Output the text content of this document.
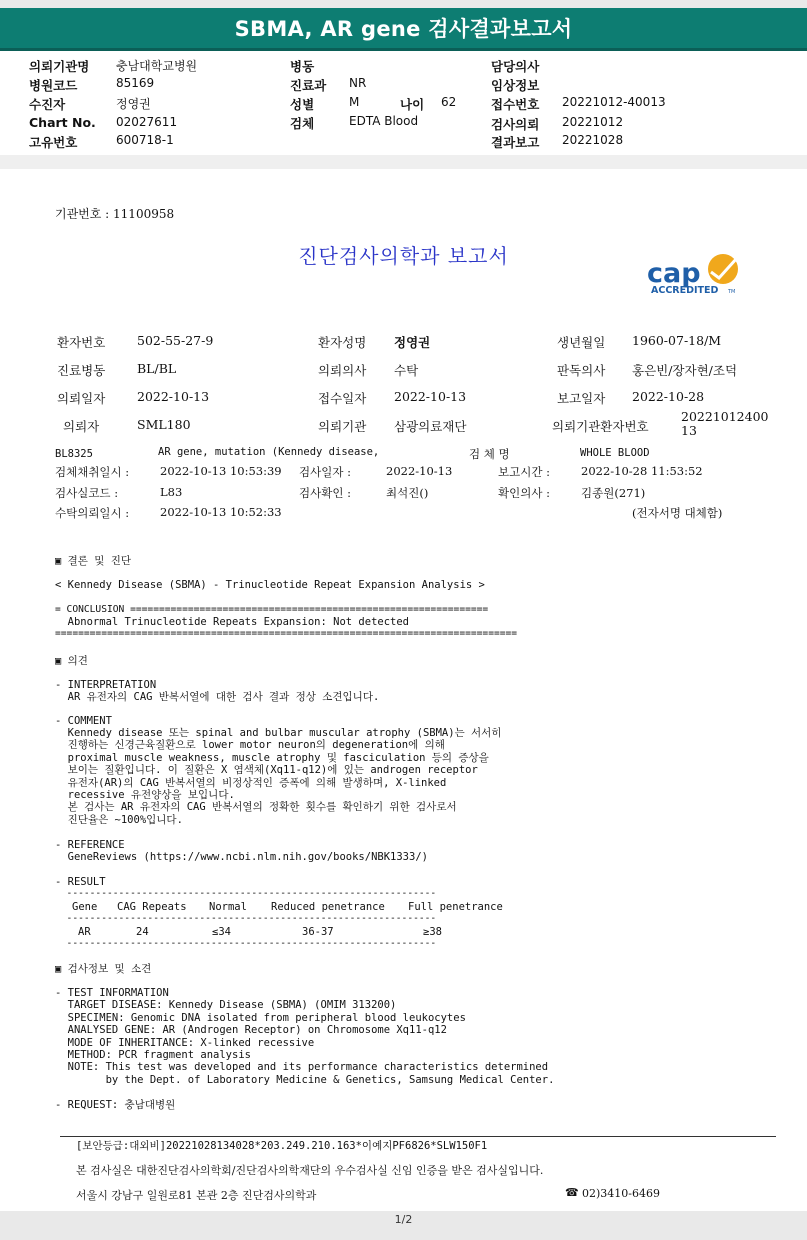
SBMA, AR gene 검사결과보고서
의뢰기관명 충남대학교병원
병원코드	85169
수진자	정영권
Chart No. 02027611
고유번호	600718-1
병동
진료과 NR
성별	M	나이 62
검체	EDTA Blood
담당의사
임상정보
접수번호 20221012-40013
검사의뢰 20221012
결과보고 20221028
기관번호 : 11100958
진단검사의학과 보고서
cap
ACCREDITED TM
환자번호	502-55-27-9	환자성명 정영권	생년월일 1960-07-18/M
진료병동	BL/BL	의뢰의사 수탁	판독의사 홍은빈/장자현/조덕
의뢰일자	2022-10-13	접수일자 2022-10-13	보고일자 2022-10-28
의뢰자	SML180	의뢰기관 삼광의료재단	의뢰기관환자번호
2022101240013
BL8325	AR gene, mutation (Kennedy disease,	검 체 명	WHOLE BLOOD
검체채취일시 :	2022-10-13 10:53:39 검사일자 :	2022-10-13	보고시간 :	2022-10-28 11:53:52
검사실코드 :	L83	검사확인 :	최석진()	확인의사 :	김종원(271)
수탁의뢰일시 :	2022-10-13 10:52:33	(전자서명 대체함)
▣ 결론 및 진단
< Kennedy Disease (SBMA) - Trinucleotide Repeat Expansion Analysis >
= CONCLUSION ==============================================================
Abnormal Trinucleotide Repeats Expansion: Not detected
================================================================================
▣ 의견
- INTERPRETATION
AR 유전자의 CAG 반복서열에 대한 검사 결과 정상 소견입니다.
- COMMENT
Kennedy disease 또는 spinal and bulbar muscular atrophy (SBMA)는 서서히
진행하는 신경근육질환으로 lower motor neuron의 degeneration에 의해
proximal muscle weakness, muscle atrophy 및 fasciculation 등의 증상을
보이는 질환입니다. 이 질환은 X 염색체(Xq11-q12)에 있는 androgen receptor
유전자(AR)의 CAG 반복서열의 비정상적인 증폭에 의해 발생하며, X-linked
recessive 유전양상을 보입니다.
본 검사는 AR 유전자의 CAG 반복서열의 정확한 횟수를 확인하기 위한 검사로서
진단율은 ~100%입니다.
- REFERENCE
GeneReviews (https://www.ncbi.nlm.nih.gov/books/NBK1333/)
- RESULT
----------------------------------------------------------------
Gene CAG Repeats Normal Reduced penetrance Full penetrance
----------------------------------------------------------------
AR	24	≤34	36-37	≥38
----------------------------------------------------------------
▣ 검사정보 및 소견
- TEST INFORMATION
TARGET DISEASE: Kennedy Disease (SBMA) (OMIM 313200)
SPECIMEN: Genomic DNA isolated from peripheral blood leukocytes
ANALYSED GENE: AR (Androgen Receptor) on Chromosome Xq11-q12
MODE OF INHERITANCE: X-linked recessive
METHOD: PCR fragment analysis
NOTE: This test was developed and its performance characteristics determined
by the Dept. of Laboratory Medicine & Genetics, Samsung Medical Center.
- REQUEST: 충남대병원
[보안등급:대외비]20221028134028*203.249.210.163*이예지PF6826*SLW150F1
본 검사실은 대한진단검사의학회/진단검사의학재단의 우수검사실 신임 인증을 받은 검사실입니다.
서울시 강남구 일원로81 본관 2층 진단검사의학과	☎ 02)3410-6469
1/2
